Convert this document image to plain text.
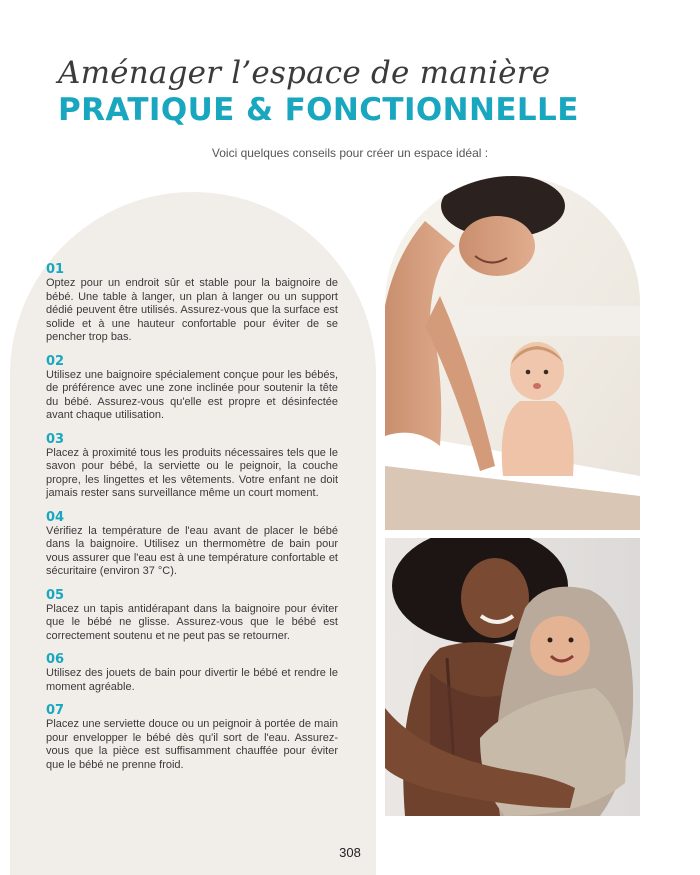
Aménager l’espace de manière
PRATIQUE & FONCTIONNELLE
Voici quelques conseils pour créer un espace idéal :
01

Optez pour un endroit sûr et stable pour la baignoire de bébé. Une table à langer, un plan à langer ou un support dédié peuvent être utilisés. Assurez-vous que la surface est solide et à une hauteur confortable pour éviter de se pencher trop bas.

02

Utilisez une baignoire spécialement conçue pour les bébés, de préférence avec une zone inclinée pour soutenir la tête du bébé. Assurez-vous qu'elle est propre et désinfectée avant chaque utilisation.

03

Placez à proximité tous les produits nécessaires tels que le savon pour bébé, la serviette ou le peignoir, la couche propre, les lingettes et les vêtements. Votre enfant ne doit jamais rester sans surveillance même un court moment.

04

Vérifiez la température de l'eau avant de placer le bébé dans la baignoire. Utilisez un thermomètre de bain pour vous assurer que l'eau est à une température confortable et sécuritaire (environ 37 °C).

05

Placez un tapis antidérapant dans la baignoire pour éviter que le bébé ne glisse. Assurez-vous que le bébé est correctement soutenu et ne peut pas se retourner.

06

Utilisez des jouets de bain pour divertir le bébé et rendre le moment agréable.

07

Placez une serviette douce ou un peignoir à portée de main pour envelopper le bébé dès qu'il sort de l'eau. Assurez-vous que la pièce est suffisamment chauffée pour éviter que le bébé ne prenne froid.

308
